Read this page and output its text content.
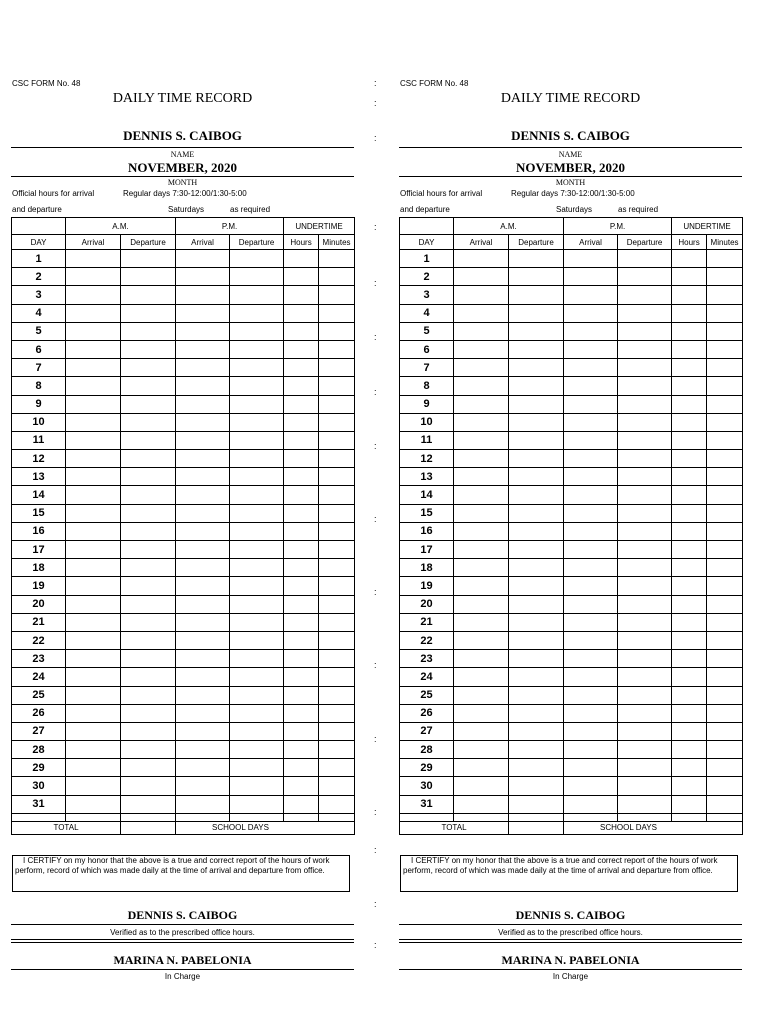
CSC FORM No. 48
DAILY TIME RECORD
DENNIS S. CAIBOG
NAME
NOVEMBER, 2020
MONTH
Official hours for arrival	Regular days 7:30-12:00/1:30-5:00
and departure	Saturdays	as required
	A.M.		P.M.		UNDERTIME	
DAY	Arrival	Departure	Arrival	Departure	Hours	Minutes
1						
2						
3						
4						
5						
6						
7						
8						
9						
10						
11						
12						
13						
14						
15						
16						
17						
18						
19						
20						
21						
22						
23						
24						
25						
26						
27						
28						
29						
30						
31						

TOTAL			SCHOOL DAYS			
I CERTIFY on my honor that the above is a true and correct report of the hours of work perform, record of which was made daily at the time of arrival and departure from office.
DENNIS S. CAIBOG
Verified as to the prescribed office hours.
MARINA N. PABELONIA
In Charge
CSC FORM No. 48
DAILY TIME RECORD
DENNIS S. CAIBOG
NAME
NOVEMBER, 2020
MONTH
Official hours for arrival	Regular days 7:30-12:00/1:30-5:00
and departure	Saturdays	as required
	A.M.		P.M.		UNDERTIME	
DAY	Arrival	Departure	Arrival	Departure	Hours	Minutes
1						
2						
3						
4						
5						
6						
7						
8						
9						
10						
11						
12						
13						
14						
15						
16						
17						
18						
19						
20						
21						
22						
23						
24						
25						
26						
27						
28						
29						
30						
31						

TOTAL			SCHOOL DAYS			
I CERTIFY on my honor that the above is a true and correct report of the hours of work perform, record of which was made daily at the time of arrival and departure from office.
DENNIS S. CAIBOG
Verified as to the prescribed office hours.
MARINA N. PABELONIA
In Charge
:
:
:
:
:
:
:
:
:
:
:
:
:
:
:
:
